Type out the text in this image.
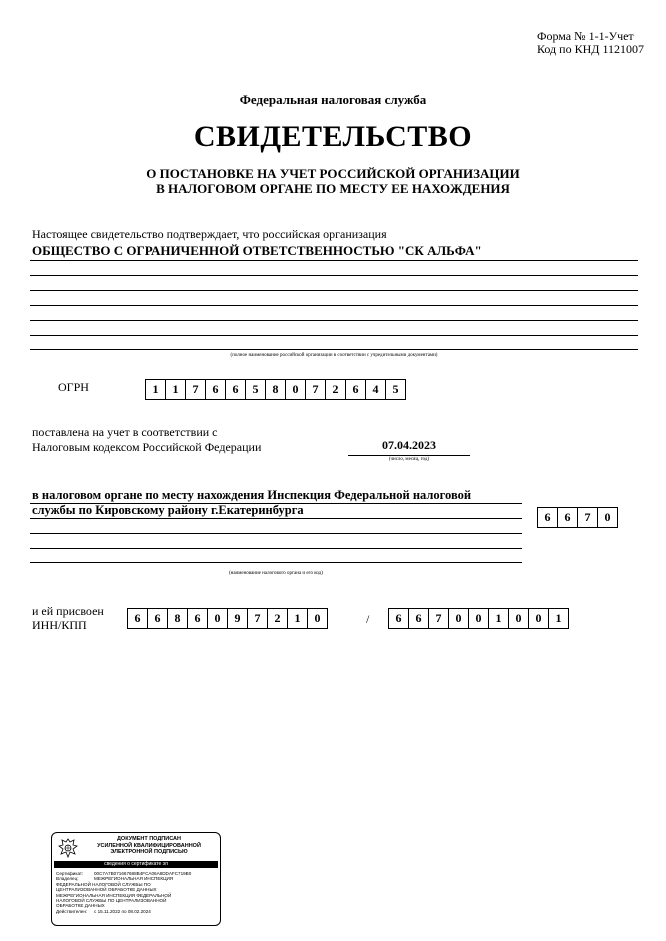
Форма № 1-1-Учет
Код по КНД 1121007
Федеральная налоговая служба
СВИДЕТЕЛЬСТВО
О ПОСТАНОВКЕ НА УЧЕТ РОССИЙСКОЙ ОРГАНИЗАЦИИ
В НАЛОГОВОМ ОРГАНЕ ПО МЕСТУ ЕЕ НАХОЖДЕНИЯ
Настоящее свидетельство подтверждает, что российская организация
ОБЩЕСТВО С ОГРАНИЧЕННОЙ ОТВЕТСТВЕННОСТЬЮ "СК АЛЬФА"
(полное наименование российской организации в соответствии с учредительными документами)
ОГРН	1	1	7	6	6	5	8	0	7	2	6	4	5
поставлена на учет в соответствии с
Налоговым кодексом Российской Федерации	07.04.2023
(число, месяц, год)
в налоговом органе по месту нахождения Инспекция Федеральной налоговой
службы по Кировскому району г.Екатеринбурга
(наименование налогового органа и его код)
6	6	7	0
и ей присвоен
ИНН/КПП	6	6	8	6	0	9	7	2	1	0	/	6	6	7	0	0	1	0	0	1
ДОКУМЕНТ ПОДПИСАН
УСИЛЕННОЙ КВАЛИФИЦИРОВАННОЙ
ЭЛЕКТРОННОЙ ПОДПИСЬЮ
сведения о сертификате эп
Сертификат:	00C7A7B071667688B4FCA06A8DDAFC719B0
Владелец:	МЕЖРЕГИОНАЛЬНАЯ ИНСПЕКЦИЯ
ФЕДЕРАЛЬНОЙ НАЛОГОВОЙ СЛУЖБЫ ПО
ЦЕНТРАЛИЗОВАННОЙ ОБРАБОТКЕ ДАННЫХ
МЕЖРЕГИОНАЛЬНАЯ ИНСПЕКЦИЯ ФЕДЕРАЛЬНОЙ
НАЛОГОВОЙ СЛУЖБЫ ПО ЦЕНТРАЛИЗОВАННОЙ
ОБРАБОТКЕ ДАННЫХ
Действителен:	с 15.11.2022 по 08.02.2024
